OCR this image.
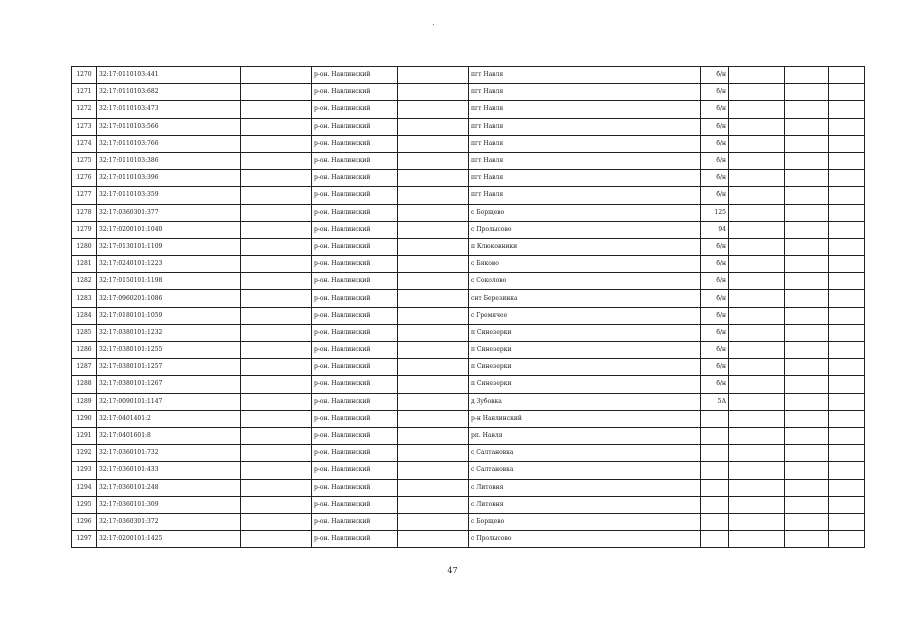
1270	32:17:0110103:441		р-он. Навлинский		пгт Навля	б/н			
1271	32:17:0110103:682		р-он. Навлинский		пгт Навля	б/н			
1272	32:17:0110103:473		р-он. Навлинский		пгт Навля	б/н			
1273	32:17:0110103:566		р-он. Навлинский		пгт Навля	б/н			
1274	32:17:0110103:766		р-он. Навлинский		пгт Навля	б/н			
1275	32:17:0110103:386		р-он. Навлинский		пгт Навля	б/н			
1276	32:17:0110103:396		р-он. Навлинский		пгт Навля	б/н			
1277	32:17:0110103:359		р-он. Навлинский		пгт Навля	б/н			
1278	32:17:0360301:377		р-он. Навлинский		с Борщево	125			
1279	32:17:0200101:1040		р-он. Навлинский		с Пролысово	94			
1280	32:17:0130101:1109		р-он. Навлинский		п Клюковники	б/н			
1281	32:17:0240101:1223		р-он. Навлинский		с Бяково	б/н			
1282	32:17:0150101:1198		р-он. Навлинский		с Соколово	б/н			
1283	32:17:0960201:1086		р-он. Навлинский		снт Березинка	б/н			
1284	32:17:0180101:1059		р-он. Навлинский		с Гремячее	б/н			
1285	32:17:0380101:1232		р-он. Навлинский		п Синезерки	б/н			
1286	32:17:0380101:1255		р-он. Навлинский		п Синезерки	б/н			
1287	32:17:0380101:1257		р-он. Навлинский		п Синезерки	б/н			
1288	32:17:0380101:1267		р-он. Навлинский		п Синезерки	б/н			
1289	32:17:0090101:1147		р-он. Навлинский		д Зубовка	5А			
1290	32:17:0401401:2		р-он. Навлинский		р-н Навлинский				
1291	32:17:0401601:8		р-он. Навлинский		рп. Навля				
1292	32:17:0360101:732		р-он. Навлинский		с Салтановка				
1293	32:17:0360101:433		р-он. Навлинский		с Салтановка				
1294	32:17:0360101:248		р-он. Навлинский		с Литовня				
1295	32:17:0360101:309		р-он. Навлинский		с Литовня				
1296	32:17:0360301:372		р-он. Навлинский		с Борщево				
1297	32:17:0200101:1425		р-он. Навлинский		с Пролысово				
47
